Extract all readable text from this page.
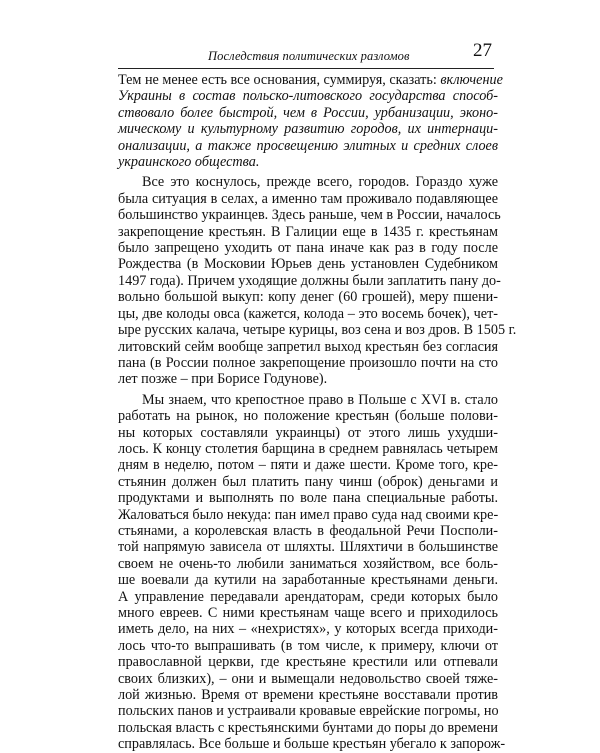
Последствия политических разломов	27
Тем не менее есть все основания, суммируя, сказать: включение
Украины в состав польско-литовского государства способ-
ствовало более быстрой, чем в России, урбанизации, эконо-
мическому и культурному развитию городов, их интернаци-
онализации, а также просвещению элитных и средних слоев
украинского общества.
Все это коснулось, прежде всего, городов. Гораздо хуже
была ситуация в селах, а именно там проживало подавляющее
большинство украинцев. Здесь раньше, чем в России, началось
закрепощение крестьян. В Галиции еще в 1435 г. крестьянам
было запрещено уходить от пана иначе как раз в году после
Рождества (в Московии Юрьев день установлен Судебником
1497 года). Причем уходящие должны были заплатить пану до-
вольно большой выкуп: копу денег (60 грошей), меру пшени-
цы, две колоды овса (кажется, колода – это восемь бочек), чет-
ыре русских калача, четыре курицы, воз сена и воз дров. В 1505 г.
литовский сейм вообще запретил выход крестьян без согласия
пана (в России полное закрепощение произошло почти на сто
лет позже – при Борисе Годунове).
Мы знаем, что крепостное право в Польше с XVI в. стало
работать на рынок, но положение крестьян (больше полови-
ны которых составляли украинцы) от этого лишь ухудши-
лось. К концу столетия барщина в среднем равнялась четырем
дням в неделю, потом – пяти и даже шести. Кроме того, кре-
стьянин должен был платить пану чинш (оброк) деньгами и
продуктами и выполнять по воле пана специальные работы.
Жаловаться было некуда: пан имел право суда над своими кре-
стьянами, а королевская власть в феодальной Речи Посполи-
той напрямую зависела от шляхты. Шляхтичи в большинстве
своем не очень-то любили заниматься хозяйством, все боль-
ше воевали да кутили на заработанные крестьянами деньги.
А управление передавали арендаторам, среди которых было
много евреев. С ними крестьянам чаще всего и приходилось
иметь дело, на них – «нехристях», у которых всегда приходи-
лось что-то выпрашивать (в том числе, к примеру, ключи от
православной церкви, где крестьяне крестили или отпевали
своих близких), – они и вымещали недовольство своей тяже-
лой жизнью. Время от времени крестьяне восставали против
польских панов и устраивали кровавые еврейские погромы, но
польская власть с крестьянскими бунтами до поры до времени
справлялась. Все больше и больше крестьян убегало к запорож-
